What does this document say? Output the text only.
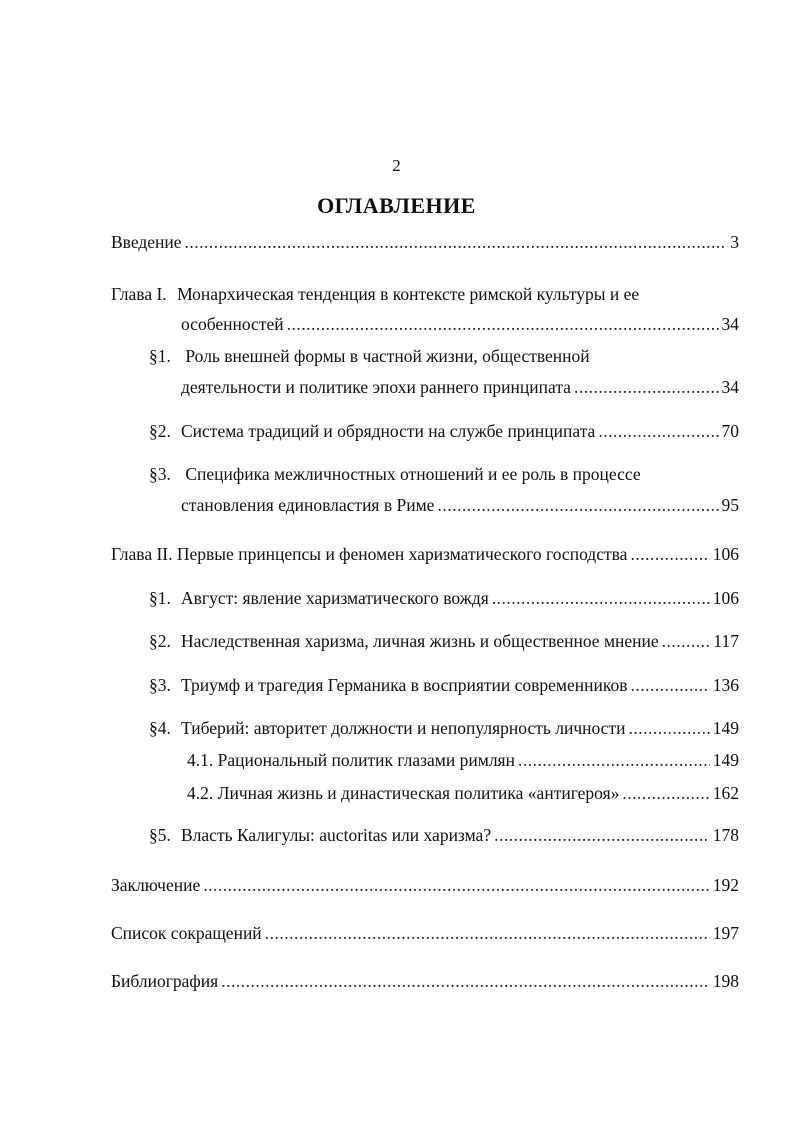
2
ОГЛАВЛЕНИЕ
Введение .....	3
Глава I. Монархическая тенденция в контексте римской культуры и ее
особенностей .....	34
§1. Роль внешней формы в частной жизни, общественной
деятельности и политике эпохи раннего принципата .....	34
§2. Система традиций и обрядности на службе принципата .....	70
§3. Специфика межличностных отношений и ее роль в процессе
становления единовластия в Риме .....	95
Глава II. Первые принцепсы и феномен харизматического господства .....	106
§1. Август: явление харизматического вождя .....	106
§2. Наследственная харизма, личная жизнь и общественное мнение .....	117
§3. Триумф и трагедия Германика в восприятии современников .....	136
§4. Тиберий: авторитет должности и непопулярность личности .....	149
4.1. Рациональный политик глазами римлян .....	149
4.2. Личная жизнь и династическая политика «антигероя» .....	162
§5. Власть Калигулы: auctoritas или харизма? .....	178
Заключение .....	192
Список сокращений .....	197
Библиография .....	198
